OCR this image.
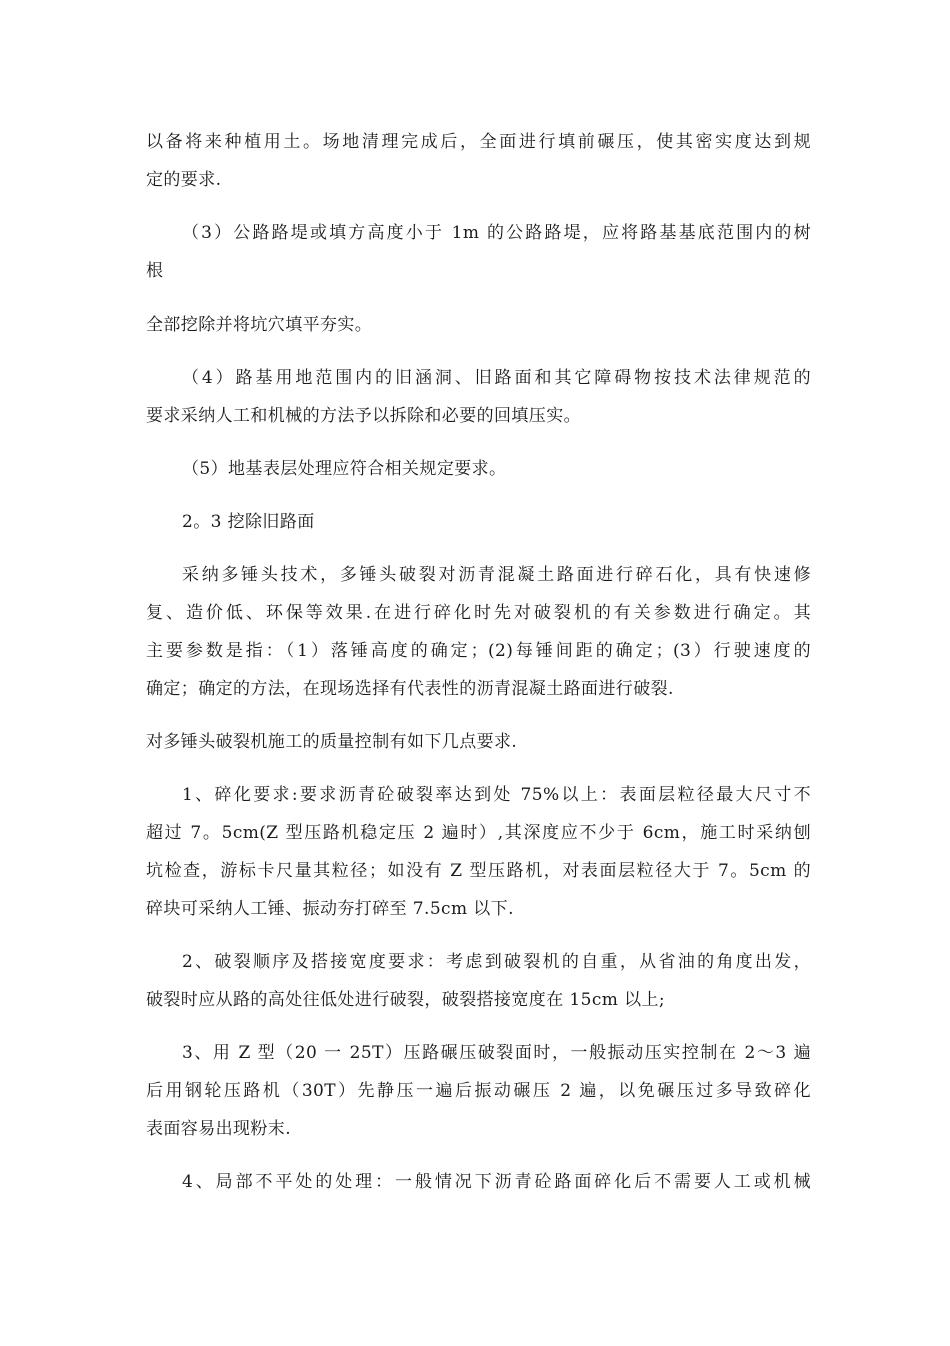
以备将来种植用土。场地清理完成后，全面进行填前碾压，使其密实度达到规
定的要求.
（3）公路路堤或填方高度小于 1m 的公路路堤，应将路基基底范围内的树
根
全部挖除并将坑穴填平夯实。
（4）路基用地范围内的旧涵洞、旧路面和其它障碍物按技术法律规范的
要求采纳人工和机械的方法予以拆除和必要的回填压实。
（5）地基表层处理应符合相关规定要求。
2。3 挖除旧路面
采纳多锤头技术，多锤头破裂对沥青混凝土路面进行碎石化，具有快速修
复、造价低、环保等效果.在进行碎化时先对破裂机的有关参数进行确定。其
主要参数是指：（1）落锤高度的确定；(2)每锤间距的确定；(3）行驶速度的
确定；确定的方法，在现场选择有代表性的沥青混凝土路面进行破裂.
对多锤头破裂机施工的质量控制有如下几点要求.
1、碎化要求:要求沥青砼破裂率达到处 75%以上：表面层粒径最大尺寸不
超过 7。5cm(Z 型压路机稳定压 2 遍时）,其深度应不少于 6cm，施工时采纳刨
坑检查，游标卡尺量其粒径；如没有 Z 型压路机，对表面层粒径大于 7。5cm 的
碎块可采纳人工锤、振动夯打碎至 7.5cm 以下.
2、破裂顺序及搭接宽度要求：考虑到破裂机的自重，从省油的角度出发，
破裂时应从路的高处往低处进行破裂，破裂搭接宽度在 15cm 以上;
3、用 Z 型（20 一 25T）压路碾压破裂面时，一般振动压实控制在 2～3 遍
后用钢轮压路机（30T）先静压一遍后振动碾压 2 遍，以免碾压过多导致碎化
表面容易出现粉末.
4、局部不平处的处理：一般情况下沥青砼路面碎化后不需要人工或机械
